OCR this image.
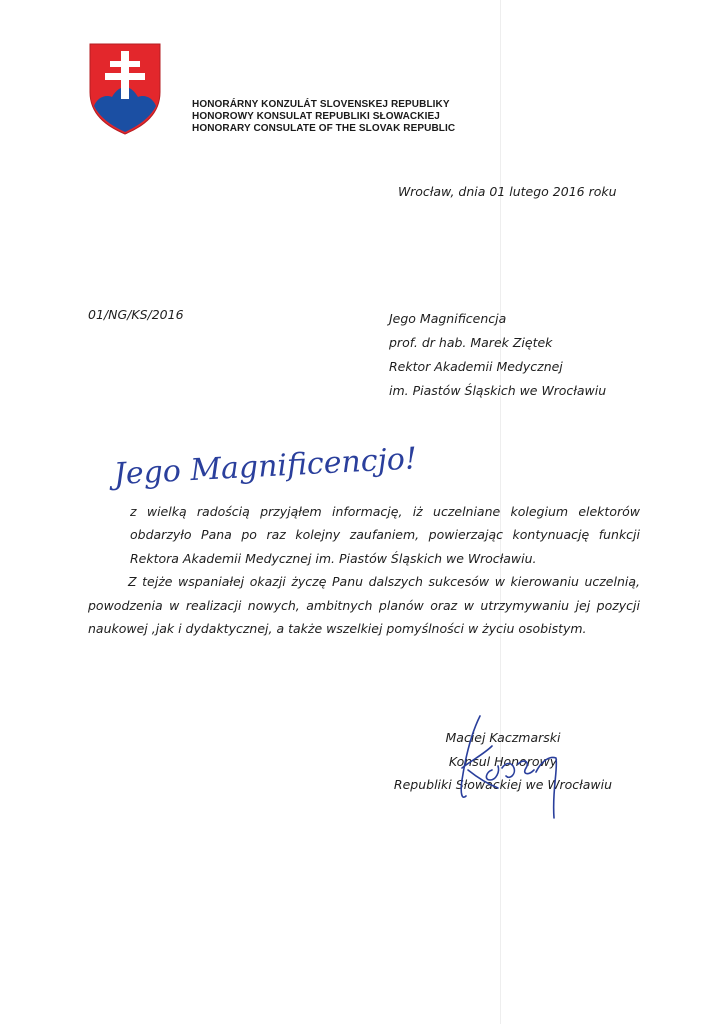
HONORÁRNY KONZULÁT SLOVENSKEJ REPUBLIKY
HONOROWY KONSULAT REPUBLIKI SŁOWACKIEJ
HONORARY CONSULATE OF THE SLOVAK REPUBLIC
Wrocław, dnia 01 lutego 2016 roku
01/NG/KS/2016	Jego Magnificencja
prof. dr hab. Marek Ziętek
Rektor Akademii Medycznej
im. Piastów Śląskich we Wrocławiu
Jego Magnificencjo!

z wielką radością przyjąłem informację, iż uczelniane kolegium elektorów obdarzyło Pana po raz kolejny zaufaniem, powierzając kontynuację funkcji Rektora Akademii Medycznej im. Piastów Śląskich we Wrocławiu.

Z tejże wspaniałej okazji życzę Panu dalszych sukcesów w kierowaniu uczelnią, powodzenia w realizacji nowych, ambitnych planów oraz w utrzymywaniu jej pozycji naukowej ,jak i dydaktycznej, a także wszelkiej pomyślności w życiu osobistym.

Maciej Kaczmarski
Konsul Honorowy
Republiki Słowackiej we Wrocławiu
